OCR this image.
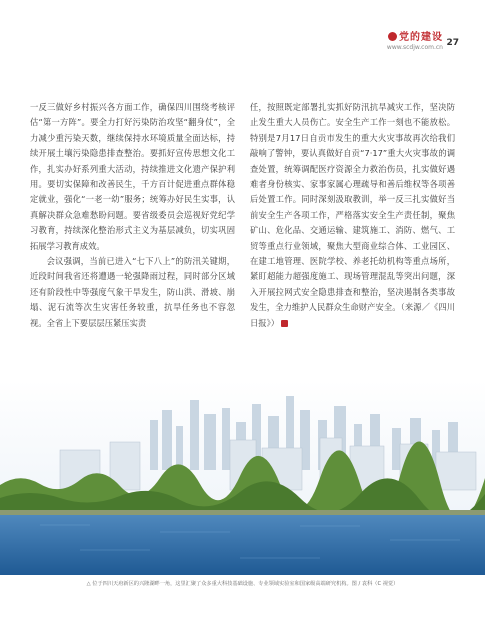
党的建设
www.scdjw.com.cn 27

一反三做好乡村振兴各方面工作，确保四川围绕考核评估“第一方阵”。要全力打好污染防治攻坚“翻身仗”，全力减少重污染天数，继续保持水环境质量全面达标，持续开展土壤污染隐患排查整治。要抓好宣传思想文化工作，扎实办好系列重大活动，持续推进文化遗产保护利用。要切实保障和改善民生，千方百计促进重点群体稳定就业，强化“一老一幼”服务；统筹办好民生实事，认真解决群众急难愁盼问题。要省级委员会巡视好党纪学习教育，持续深化整治形式主义为基层减负，切实巩固拓展学习教育成效。

会议强调，当前已进入“七下八上”的防汛关键期，近段时间我省还将遭遇一轮强降雨过程，同时部分区域还有阶段性中等强度气象干旱发生，防山洪、滑坡、崩塌、泥石流等次生灾害任务较重，抗旱任务也不容忽视。全省上下要层层压紧压实责

任，按照既定部署扎实抓好防汛抗旱减灾工作，坚决防止发生重大人员伤亡。安全生产工作一刻也不能放松。特别是7月17日自贡市发生的重大火灾事故再次给我们敲响了警钟，要认真做好自贡“7·17”重大火灾事故的调查处置，统筹调配医疗资源全力救治伤员，扎实做好遇难者身份核实、家事家属心理疏导和善后维权等各项善后处置工作。同时深刻汲取教训，举一反三扎实做好当前安全生产各项工作，严格落实安全生产责任制，聚焦矿山、危化品、交通运输、建筑施工、消防、燃气、工贸等重点行业领域，聚焦大型商业综合体、工业园区、在建工地管理、医院学校、养老托幼机构等重点场所，紧盯超能力超强度施工、现场管理混乱等突出问题，深入开展拉网式安全隐患排查和整治，坚决遏制各类事故发生，全力维护人民群众生命财产安全。（来源／《四川日报》）

△ 位于四川天府新区的兴隆湖畔一角，这里汇聚了众多重大科技基础设施、专业领域实验室和国家级高端研究机构。图 / 袁科（C 视觉）
